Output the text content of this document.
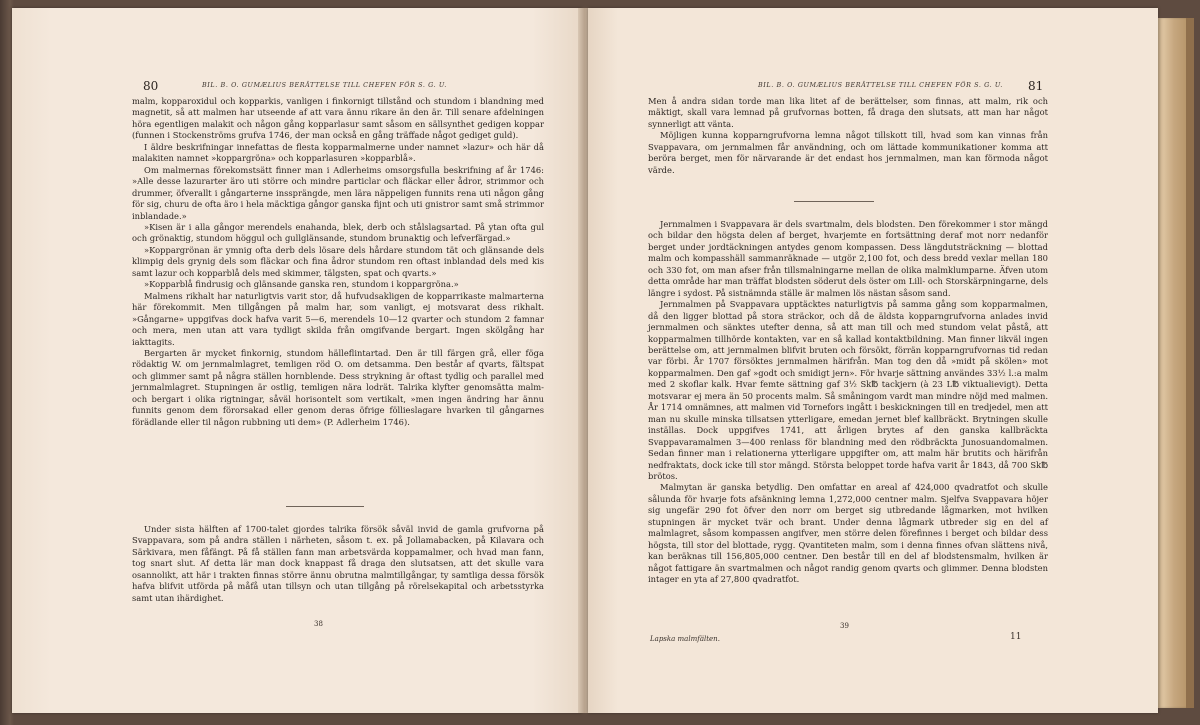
80	BIL. B. O. GUMÆLIUS BERÄTTELSE TILL CHEFEN FÖR S. G. U.

malm, kopparoxidul och kopparkis, vanligen i finkornigt tillstånd och stundom i blandning med magnetit, så att malmen har utseende af att vara ännu rikare än den är. Till senare afdelningen höra egentligen malakit och någon gång kopparlasur samt såsom en sällsynthet gedigen koppar (funnen i Stockenströms grufva 1746, der man också en gång träffade något gediget guld).

I äldre beskrifningar innefattas de flesta kopparmalmerne under namnet »lazur» och här då malakiten namnet »koppargröna» och kopparlasuren »kopparblå».

Om malmernas förekomstsätt finner man i Adlerheims omsorgsfulla beskrifning af år 1746: »Alle desse lazurarter äro uti större och mindre particlar och fläckar eller ådror, strimmor och drummer, öfverallt i gångarterne inssprängde, men lära näppeligen funnits rena uti någon gång för sig, churu de ofta äro i hela mäcktiga gångor ganska fijnt och uti gnistror samt små strimmor inblandade.»

»Kisen är i alla gångor merendels enahanda, blek, derb och stålslagsartad. På ytan ofta gul och grönaktig, stundom höggul och gullglänsande, stundom brunaktig och lefverfärgad.»

»Koppargrönan är ymnig ofta derb dels lösare dels hårdare stundom tät och glänsande dels klimpig dels grynig dels som fläckar och fina ådror stundom ren oftast inblandad dels med kis samt lazur och kopparblå dels med skimmer, tälgsten, spat och qvarts.»

»Kopparblå findrusig och glänsande ganska ren, stundom i koppargröna.»

Malmens rikhalt har naturligtvis varit stor, då hufvudsakligen de kopparrikaste malmarterna här förekommit. Men tillgången på malm har, som vanligt, ej motsvarat dess rikhalt. »Gångarne» uppgifvas dock hafva varit 5—6, merendels 10—12 qvarter och stundom 2 famnar och mera, men utan att vara tydligt skilda från omgifvande bergart. Ingen skölgång har iakttagits.

Bergarten är mycket finkornig, stundom hälleflintartad. Den är till färgen grå, eller föga rödaktig W. om jernmalmlagret, temligen röd O. om detsamma. Den består af qvarts, fältspat och glimmer samt på några ställen hornblende. Dess strykning är oftast tydlig och parallel med jernmalmlagret. Stupningen är ostlig, temligen nära lodrät. Talrika klyfter genomsätta malm- och bergart i olika rigtningar, såväl horisontelt som vertikalt, »men ingen ändring har ännu funnits genom dem förorsakad eller genom deras öfrige föllieslagare hvarken til gångarnes förädlande eller til någon rubbning uti dem» (P. Adlerheim 1746).

Under sista hälften af 1700-talet gjordes talrika försök såväl invid de gamla grufvorna på Svappavara, som på andra ställen i närheten, såsom t. ex. på Jollamabacken, på Kilavara och Särkivara, men fåfängt. På få ställen fann man arbetsvärda koppamalmer, och hvad man fann, tog snart slut. Af detta lär man dock knappast få draga den slutsatsen, att det skulle vara osannolikt, att här i trakten finnas större ännu obrutna malmtillgångar, ty samtliga dessa försök hafva blifvit utförda på måfå utan tillsyn och utan tillgång på rörelsekapital och arbetsstyrka samt utan ihärdighet.

38
BIL. B. O. GUMÆLIUS BERÄTTELSE TILL CHEFEN FÖR S. G. U. 81

Men å andra sidan torde man lika litet af de berättelser, som finnas, att malm, rik och mäktigt, skall vara lemnad på grufvornas botten, få draga den slutsats, att man har något synnerligt att vänta.

Möjligen kunna kopparngrufvorna lemna något tillskott till, hvad som kan vinnas från Svappavara, om jernmalmen får användning, och om lättade kommunikationer komma att beröra berget, men för närvarande är det endast hos jernmalmen, man kan förmoda något värde.

Jernmalmen i Svappavara är dels svartmalm, dels blodsten. Den förekommer i stor mängd och bildar den högsta delen af berget, hvarjemte en fortsättning deraf mot norr nedanför berget under jordtäckningen antydes genom kompassen. Dess längdutsträckning — blottad malm och kompasshäll sammanräknade — utgör 2,100 fot, och dess bredd vexlar mellan 180 och 330 fot, om man afser från tillsmalningarne mellan de olika malmklumparne. Äfven utom detta område har man träffat blodsten söderut dels öster om Lill- och Storskärpningarne, dels längre i sydost. På sistnämnda ställe är malmen lös nästan såsom sand.

Jernmalmen på Svappavara upptäcktes naturligtvis på samma gång som kopparmalmen, då den ligger blottad på stora sträckor, och då de äldsta kopparngrufvorna anlades invid jernmalmen och sänktes utefter denna, så att man till och med stundom velat påstå, att kopparmalmen tillhörde kontakten, var en så kallad kontaktbildning. Man finner likväl ingen berättelse om, att jernmalmen blifvit bruten och försökt, förrän kopparngrufvornas tid redan var förbi. År 1707 försöktes jernmalmen härifrån. Man tog den då »midt på skölen» mot kopparmalmen. Den gaf »godt och smidigt jern». För hvarje sättning användes 33½ l.:a malm med 2 skoflar kalk. Hvar femte sättning gaf 3½ Sk℔ tackjern (à 23 L℔ viktualievigt). Detta motsvarar ej mera än 50 procents malm. Så småningom vardt man mindre nöjd med malmen. År 1714 omnämnes, att malmen vid Tornefors ingått i beskickningen till en tredjedel, men att man nu skulle minska tillsatsen ytterligare, emedan jernet blef kallbräckt. Brytningen skulle inställas. Dock uppgifves 1741, att årligen brytes af den ganska kallbräckta Svappavaramalmen 3—400 renlass för blandning med den rödbräckta Junosuandomalmen. Sedan finner man i relationerna ytterligare uppgifter om, att malm här brutits och härifrån nedfraktats, dock icke till stor mängd. Största beloppet torde hafva varit år 1843, då 700 Sk℔ brötos.

Malmytan är ganska betydlig. Den omfattar en areal af 424,000 qvadratfot och skulle sålunda för hvarje fots afsänkning lemna 1,272,000 centner malm. Sjelfva Svappavara höjer sig ungefär 290 fot öfver den norr om berget sig utbredande lågmarken, mot hvilken stupningen är mycket tvär och brant. Under denna lågmark utbreder sig en del af malmlagret, såsom kompassen angifver, men större delen förefinnes i berget och bildar dess högsta, till stor del blottade, rygg. Qvantiteten malm, som i denna finnes ofvan slättens nivå, kan beräknas till 156,805,000 centner. Den består till en del af blodstensmalm, hvilken är något fattigare än svartmalmen och något randig genom qvarts och glimmer. Denna blodsten intager en yta af 27,800 qvadratfot.

39
Lapska malmfälten.	11
